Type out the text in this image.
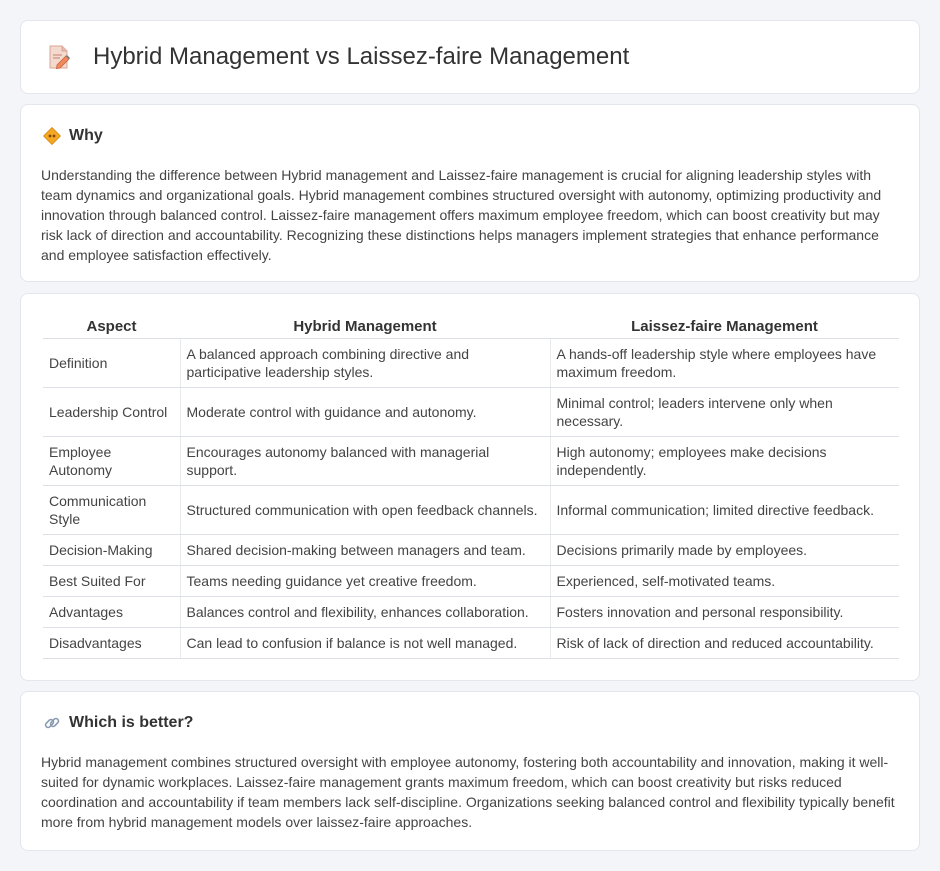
Hybrid Management vs Laissez-faire Management
Why

Understanding the difference between Hybrid management and Laissez-faire management is crucial for aligning leadership styles with team dynamics and organizational goals. Hybrid management combines structured oversight with autonomy, optimizing productivity and innovation through balanced control. Laissez-faire management offers maximum employee freedom, which can boost creativity but may risk lack of direction and accountability. Recognizing these distinctions helps managers implement strategies that enhance performance and employee satisfaction effectively.

Aspect	Hybrid Management	Laissez-faire Management
Definition	A balanced approach combining directive and participative leadership styles.	A hands-off leadership style where employees have maximum freedom.
Leadership Control	Moderate control with guidance and autonomy.	Minimal control; leaders intervene only when necessary.
Employee Autonomy	Encourages autonomy balanced with managerial support.	High autonomy; employees make decisions independently.
Communication Style	Structured communication with open feedback channels.	Informal communication; limited directive feedback.
Decision-Making	Shared decision-making between managers and team.	Decisions primarily made by employees.
Best Suited For	Teams needing guidance yet creative freedom.	Experienced, self-motivated teams.
Advantages	Balances control and flexibility, enhances collaboration.	Fosters innovation and personal responsibility.
Disadvantages	Can lead to confusion if balance is not well managed.	Risk of lack of direction and reduced accountability.
Which is better?

Hybrid management combines structured oversight with employee autonomy, fostering both accountability and innovation, making it well-suited for dynamic workplaces. Laissez-faire management grants maximum freedom, which can boost creativity but risks reduced coordination and accountability if team members lack self-discipline. Organizations seeking balanced control and flexibility typically benefit more from hybrid management models over laissez-faire approaches.
